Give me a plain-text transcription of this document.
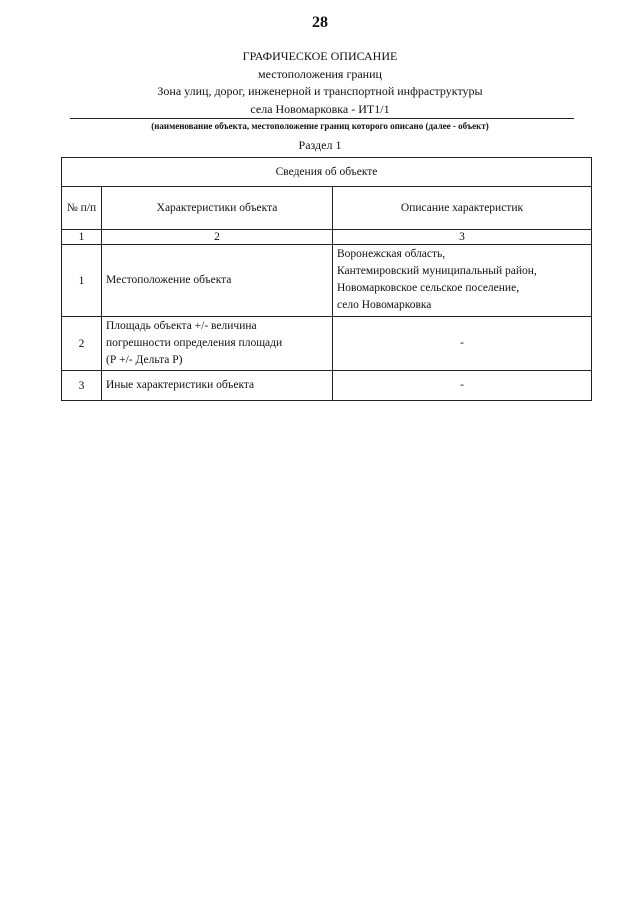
28
ГРАФИЧЕСКОЕ ОПИСАНИЕ
местоположения границ
Зона улиц, дорог, инженерной и транспортной инфраструктуры
села Новомарковка - ИТ1/1
(наименование объекта, местоположение границ которого описано (далее - объект)
Раздел 1
Сведения об объекте		
№ п/п	Характеристики объекта	Описание характеристик
1	2	3
1	Местоположение объекта	Воронежская область,
Кантемировский муниципальный район,
Новомарковское сельское поселение,
село Новомарковка

2	Площадь объекта +/- величина
погрешности определения площади
(Р +/- Дельта Р)	-

3	Иные характеристики объекта	-
